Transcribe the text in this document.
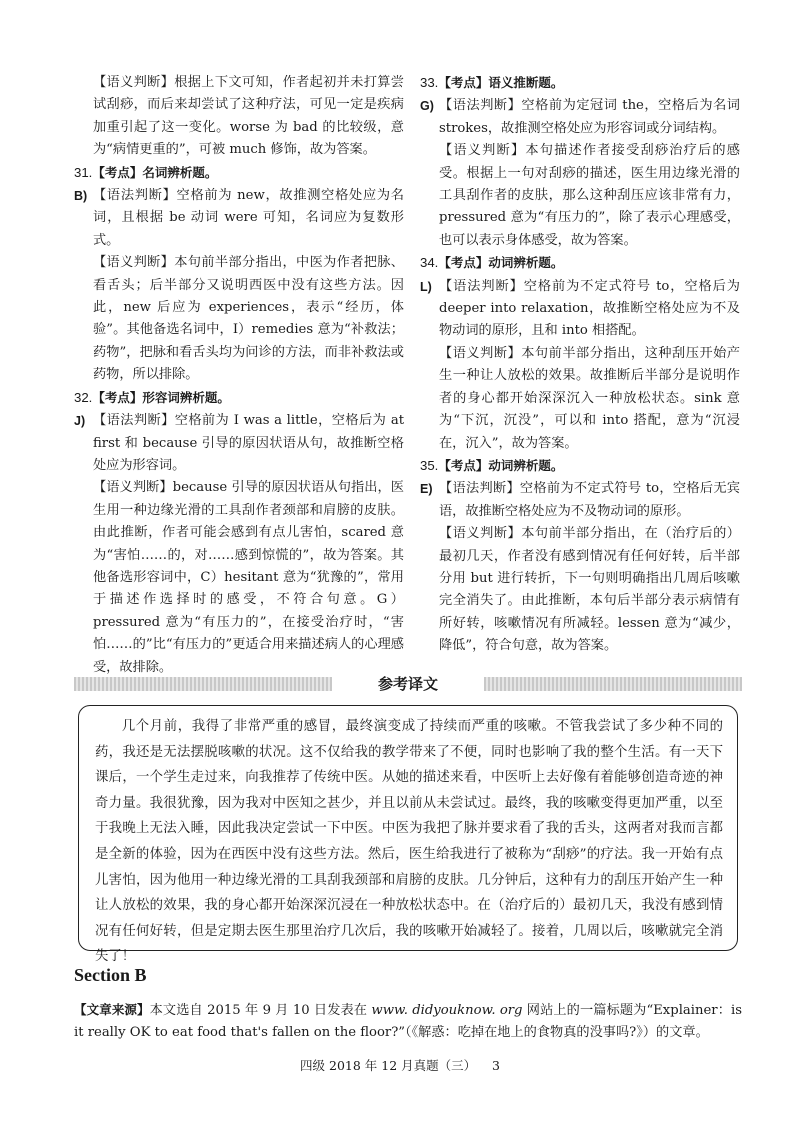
【语义判断】根据上下文可知，作者起初并未打算尝试刮痧，而后来却尝试了这种疗法，可见一定是疾病加重引起了这一变化。worse 为 bad 的比较级，意为“病情更重的”，可被 much 修饰，故为答案。
31.【考点】名词辨析题。
B) 【语法判断】空格前为 new，故推测空格处应为名词，且根据 be 动词 were 可知，名词应为复数形式。
【语义判断】本句前半部分指出，中医为作者把脉、看舌头；后半部分又说明西医中没有这些方法。因此，new 后应为 experiences，表示“经历，体验”。其他备选名词中，I）remedies 意为“补救法；药物”，把脉和看舌头均为问诊的方法，而非补救法或药物，所以排除。
32.【考点】形容词辨析题。
J) 【语法判断】空格前为 I was a little，空格后为 at first 和 because 引导的原因状语从句，故推断空格处应为形容词。
【语义判断】because 引导的原因状语从句指出，医生用一种边缘光滑的工具刮作者颈部和肩膀的皮肤。由此推断，作者可能会感到有点儿害怕，scared 意为“害怕……的，对……感到惊慌的”，故为答案。其他备选形容词中，C）hesitant 意为“犹豫的”，常用于描述作选择时的感受，不符合句意。G）pressured 意为“有压力的”，在接受治疗时，“害怕……的”比“有压力的”更适合用来描述病人的心理感受，故排除。
33.【考点】语义推断题。
G) 【语法判断】空格前为定冠词 the，空格后为名词 strokes，故推测空格处应为形容词或分词结构。
【语义判断】本句描述作者接受刮痧治疗后的感受。根据上一句对刮痧的描述，医生用边缘光滑的工具刮作者的皮肤，那么这种刮压应该非常有力，pressured 意为“有压力的”，除了表示心理感受，也可以表示身体感受，故为答案。
34.【考点】动词辨析题。
L) 【语法判断】空格前为不定式符号 to，空格后为 deeper into relaxation，故推断空格处应为不及物动词的原形，且和 into 相搭配。
【语义判断】本句前半部分指出，这种刮压开始产生一种让人放松的效果。故推断后半部分是说明作者的身心都开始深深沉入一种放松状态。sink 意为“下沉，沉没”，可以和 into 搭配，意为“沉浸在，沉入”，故为答案。
35.【考点】动词辨析题。
E) 【语法判断】空格前为不定式符号 to，空格后无宾语，故推断空格处应为不及物动词的原形。
【语义判断】本句前半部分指出，在（治疗后的）最初几天，作者没有感到情况有任何好转，后半部分用 but 进行转折，下一句则明确指出几周后咳嗽完全消失了。由此推断，本句后半部分表示病情有所好转，咳嗽情况有所减轻。lessen 意为“减少，降低”，符合句意，故为答案。
参考译文

几个月前，我得了非常严重的感冒，最终演变成了持续而严重的咳嗽。不管我尝试了多少种不同的药，我还是无法摆脱咳嗽的状况。这不仅给我的教学带来了不便，同时也影响了我的整个生活。有一天下课后，一个学生走过来，向我推荐了传统中医。从她的描述来看，中医听上去好像有着能够创造奇迹的神奇力量。我很犹豫，因为我对中医知之甚少，并且以前从未尝试过。最终，我的咳嗽变得更加严重，以至于我晚上无法入睡，因此我决定尝试一下中医。中医为我把了脉并要求看了我的舌头，这两者对我而言都是全新的体验，因为在西医中没有这些方法。然后，医生给我进行了被称为“刮痧”的疗法。我一开始有点儿害怕，因为他用一种边缘光滑的工具刮我颈部和肩膀的皮肤。几分钟后，这种有力的刮压开始产生一种让人放松的效果，我的身心都开始深深沉浸在一种放松状态中。在（治疗后的）最初几天，我没有感到情况有任何好转，但是定期去医生那里治疗几次后，我的咳嗽开始减轻了。接着，几周以后，咳嗽就完全消失了！

Section B
【文章来源】本文选自 2015 年 9 月 10 日发表在 www. didyouknow. org 网站上的一篇标题为“Explainer：is it really OK to eat food that's fallen on the floor?”（《解惑：吃掉在地上的食物真的没事吗?》）的文章。
四级 2018 年 12 月真题（三）    3
